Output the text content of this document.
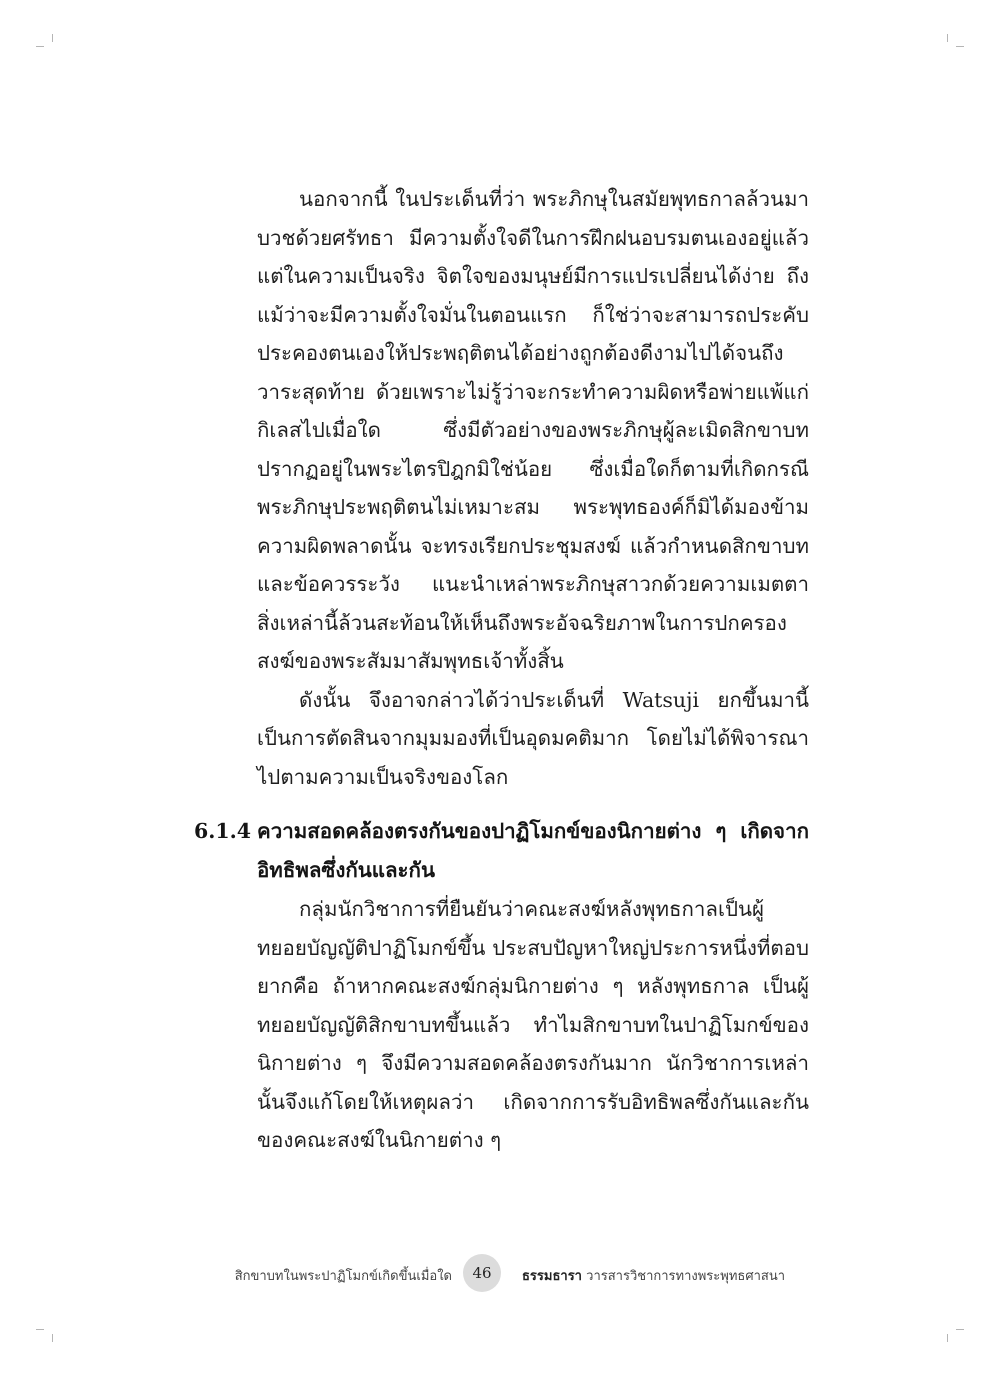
นอกจากนี้ ในประเด็นที่ว่า พระภิกษุในสมัยพุทธกาลล้วนมาบวชด้วยศรัทธา มีความตั้งใจดีในการฝึกฝนอบรมตนเองอยู่แล้ว แต่ในความเป็นจริง จิตใจของมนุษย์มีการแปรเปลี่ยนได้ง่าย ถึงแม้ว่าจะมีความตั้งใจมั่นในตอนแรก ก็ใช่ว่าจะสามารถประคับประคองตนเองให้ประพฤติตนได้อย่างถูกต้องดีงามไปได้จนถึงวาระสุดท้าย ด้วยเพราะไม่รู้ว่าจะกระทำความผิดหรือพ่ายแพ้แก่กิเลสไปเมื่อใด ซึ่งมีตัวอย่างของพระภิกษุผู้ละเมิดสิกขาบทปรากฏอยู่ในพระไตรปิฎกมิใช่น้อย ซึ่งเมื่อใดก็ตามที่เกิดกรณีพระภิกษุประพฤติตนไม่เหมาะสม พระพุทธองค์ก็มิได้มองข้ามความผิดพลาดนั้น จะทรงเรียกประชุมสงฆ์ แล้วกำหนดสิกขาบทและข้อควรระวัง แนะนำเหล่าพระภิกษุสาวกด้วยความเมตตา สิ่งเหล่านี้ล้วนสะท้อนให้เห็นถึงพระอัจฉริยภาพในการปกครองสงฆ์ของพระสัมมาสัมพุทธเจ้าทั้งสิ้น

ดังนั้น จึงอาจกล่าวได้ว่าประเด็นที่ Watsuji ยกขึ้นมานี้ เป็นการตัดสินจากมุมมองที่เป็นอุดมคติมาก โดยไม่ได้พิจารณาไปตามความเป็นจริงของโลก

6.1.4 ความสอดคล้องตรงกันของปาฏิโมกข์ของนิกายต่าง ๆ เกิดจากอิทธิพลซึ่งกันและกัน

กลุ่มนักวิชาการที่ยืนยันว่าคณะสงฆ์หลังพุทธกาลเป็นผู้ทยอยบัญญัติปาฏิโมกข์ขึ้น ประสบปัญหาใหญ่ประการหนึ่งที่ตอบยากคือ ถ้าหากคณะสงฆ์กลุ่มนิกายต่าง ๆ หลังพุทธกาล เป็นผู้ทยอยบัญญัติสิกขาบทขึ้นแล้ว ทำไมสิกขาบทในปาฏิโมกข์ของนิกายต่าง ๆ จึงมีความสอดคล้องตรงกันมาก นักวิชาการเหล่านั้นจึงแก้โดยให้เหตุผลว่า เกิดจากการรับอิทธิพลซึ่งกันและกันของคณะสงฆ์ในนิกายต่าง ๆ

สิกขาบทในพระปาฏิโมกข์เกิดขึ้นเมื่อใด	46	ธรรมธารา วารสารวิชาการทางพระพุทธศาสนา
